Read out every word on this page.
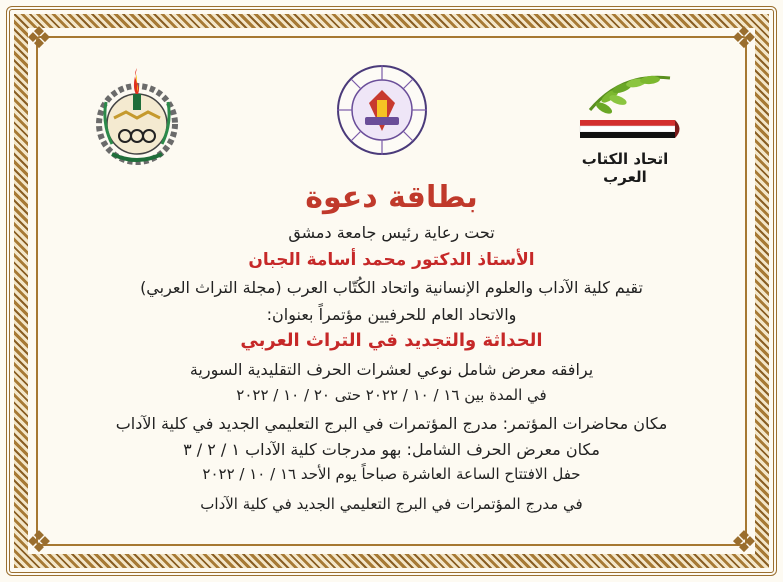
❖	❖
❖	❖
اتحاد الكتاب العرب
بطاقة دعوة
تحت رعاية رئيس جامعة دمشق
الأستاذ الدكتور محمد أسامة الجبان
تقيم كلية الآداب والعلوم الإنسانية واتحاد الكُتّاب العرب (مجلة التراث العربي)
والاتحاد العام للحرفيين مؤتمراً بعنوان:
الحداثة والتجديد في التراث العربي
يرافقه معرض شامل نوعي لعشرات الحرف التقليدية السورية
في المدة بين ١٦ / ١٠ / ٢٠٢٢ حتى ٢٠ / ١٠ / ٢٠٢٢
مكان محاضرات المؤتمر: مدرج المؤتمرات في البرج التعليمي الجديد في كلية الآداب
مكان معرض الحرف الشامل: بهو مدرجات كلية الآداب ١ / ٢ / ٣
حفل الافتتاح الساعة العاشرة صباحاً يوم الأحد ١٦ / ١٠ / ٢٠٢٢
في مدرج المؤتمرات في البرج التعليمي الجديد في كلية الآداب
